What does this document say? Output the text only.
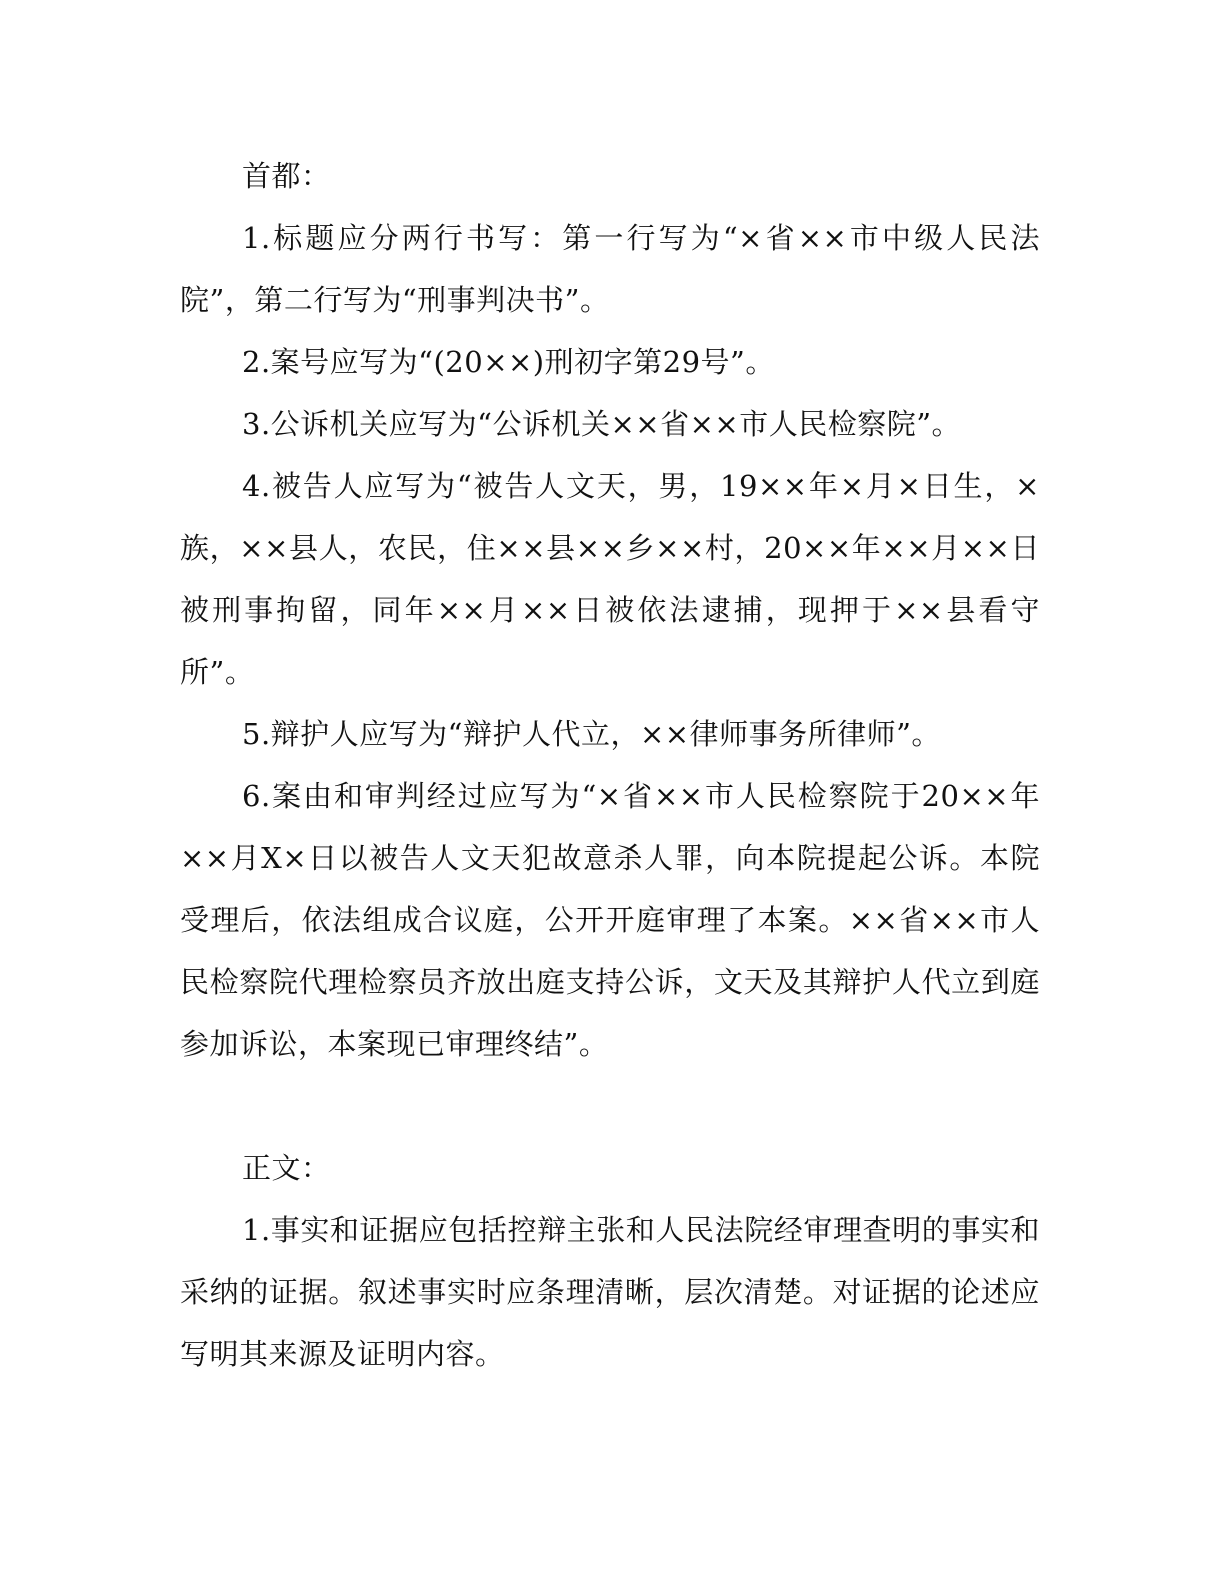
首都：

1.标题应分两行书写：第一行写为“×省××市中级人民法院”，第二行写为“刑事判决书”。

2.案号应写为“(20××)刑初字第29号”。

3.公诉机关应写为“公诉机关××省××市人民检察院”。

4.被告人应写为“被告人文天，男，19××年×月×日生，×族，××县人，农民，住××县××乡××村，20××年××月××日被刑事拘留，同年××月××日被依法逮捕，现押于××县看守所”。

5.辩护人应写为“辩护人代立，××律师事务所律师”。

6.案由和审判经过应写为“×省××市人民检察院于20××年××月X×日以被告人文天犯故意杀人罪，向本院提起公诉。本院受理后，依法组成合议庭，公开开庭审理了本案。××省××市人民检察院代理检察员齐放出庭支持公诉，文天及其辩护人代立到庭参加诉讼，本案现已审理终结”。

正文：

1.事实和证据应包括控辩主张和人民法院经审理查明的事实和采纳的证据。叙述事实时应条理清晰，层次清楚。对证据的论述应写明其来源及证明内容。
